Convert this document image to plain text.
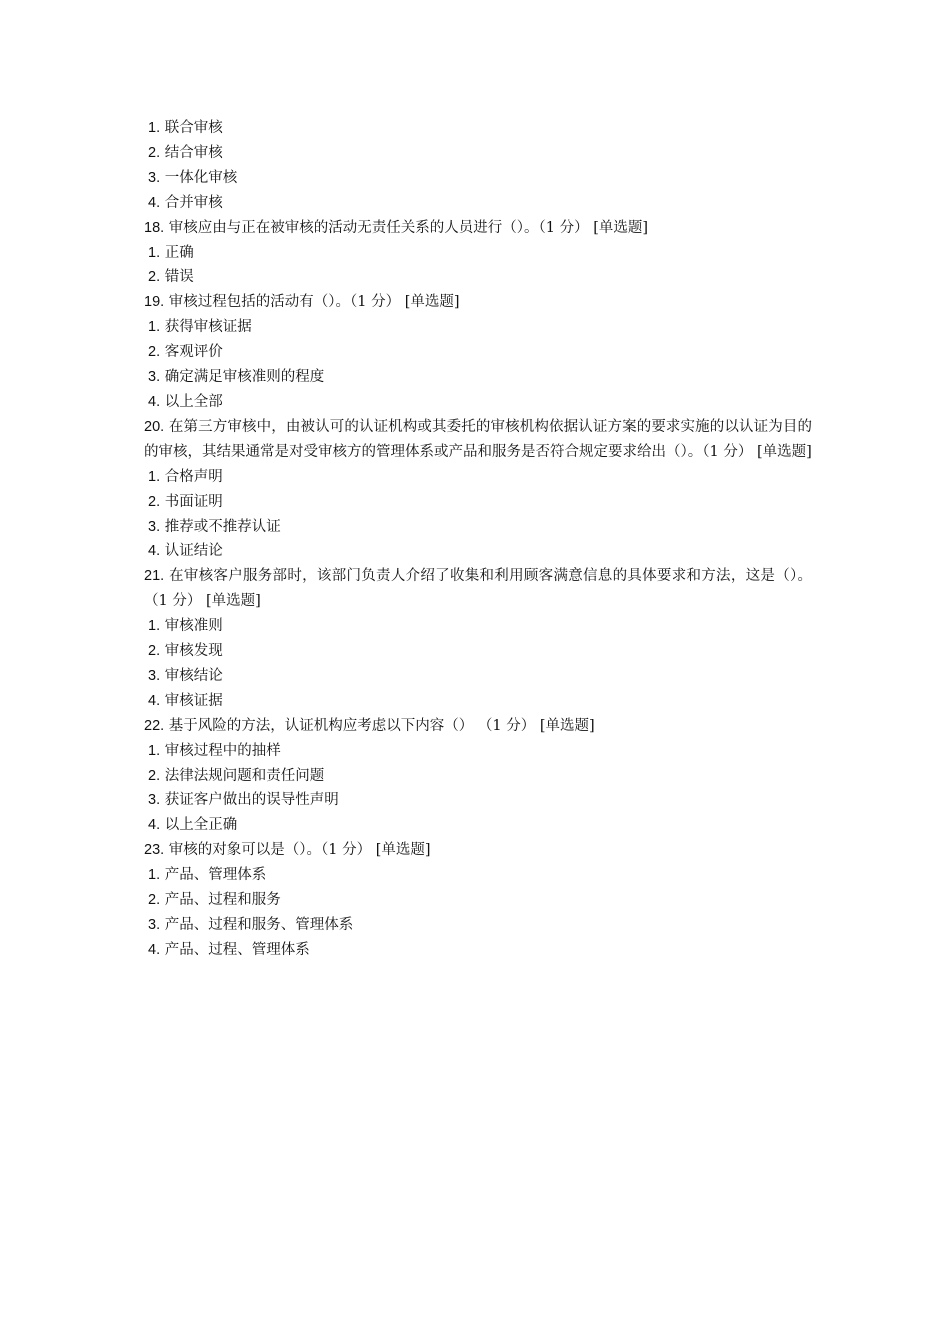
1. 联合审核
2. 结合审核
3. 一体化审核
4. 合并审核
18. 审核应由与正在被审核的活动无责任关系的人员进行（）。（1 分） [单选题]
1. 正确
2. 错误
19. 审核过程包括的活动有（）。（1 分） [单选题]
1. 获得审核证据
2. 客观评价
3. 确定满足审核准则的程度
4. 以上全部
20. 在第三方审核中，由被认可的认证机构或其委托的审核机构依据认证方案的要求实施的以认证为目的的审核，其结果通常是对受审核方的管理体系或产品和服务是否符合规定要求给出（）。（1 分） [单选题]
1. 合格声明
2. 书面证明
3. 推荐或不推荐认证
4. 认证结论
21. 在审核客户服务部时，该部门负责人介绍了收集和利用顾客满意信息的具体要求和方法，这是（）。（1 分） [单选题]
1. 审核准则
2. 审核发现
3. 审核结论
4. 审核证据
22. 基于风险的方法，认证机构应考虑以下内容（） （1 分） [单选题]
1. 审核过程中的抽样
2. 法律法规问题和责任问题
3. 获证客户做出的误导性声明
4. 以上全正确
23. 审核的对象可以是（）。（1 分） [单选题]
1. 产品、管理体系
2. 产品、过程和服务
3. 产品、过程和服务、管理体系
4. 产品、过程、管理体系
